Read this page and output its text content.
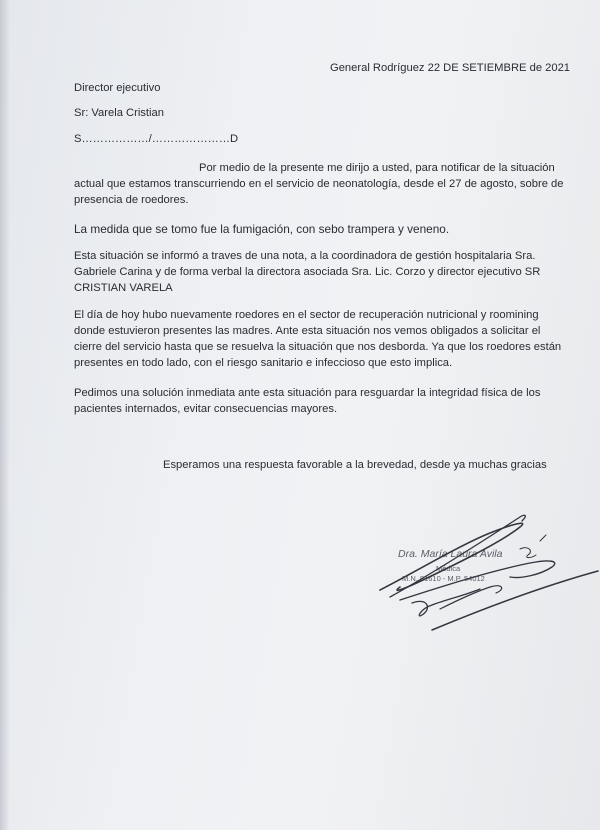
General Rodríguez 22 DE SETIEMBRE de 2021
Director ejecutivo
Sr: Varela Cristian
S………………/…………………D
Por medio de la presente me dirijo a usted, para notificar de la situación
actual que estamos transcurriendo en el servicio de neonatología, desde el 27 de agosto, sobre de
presencia de roedores.
La medida que se tomo fue la fumigación, con sebo trampera y veneno.
Esta situación se informó a traves de una nota, a la coordinadora de gestión hospitalaria Sra.
Gabriele Carina y de forma verbal la directora asociada Sra. Lic. Corzo y director ejecutivo SR
CRISTIAN VARELA
El día de hoy hubo nuevamente roedores en el sector de recuperación nutricional y roomining
donde estuvieron presentes las madres. Ante esta situación nos vemos obligados a solicitar el
cierre del servicio hasta que se resuelva la situación que nos desborda. Ya que los roedores están
presentes en todo lado, con el riesgo sanitario e infeccioso que esto implica.
Pedimos una solución inmediata ante esta situación para resguardar la integridad física de los
pacientes internados, evitar consecuencias mayores.
Esperamos una respuesta favorable a la brevedad, desde ya muchas gracias
Dra. María Laura Avila
Médica
M.N. 81610 - M.P. 54012
